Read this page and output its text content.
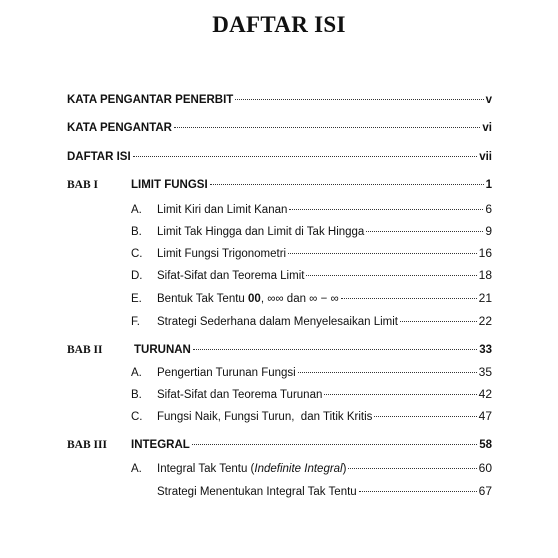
DAFTAR ISI
KATA PENGANTAR PENERBIT	v
KATA PENGANTAR	vi
DAFTAR ISI	vii
BAB I	LIMIT FUNGSI	1
A.	Limit Kiri dan Limit Kanan	6
B.	Limit Tak Hingga dan Limit di Tak Hingga	9
C.	Limit Fungsi Trigonometri	16
D.	Sifat-Sifat dan Teorema Limit	18
E.	Bentuk Tak Tentu 00, ∞∞ dan ∞ − ∞	21
F.	Strategi Sederhana dalam Menyelesaikan Limit	22
BAB II	TURUNAN	33
A.	Pengertian Turunan Fungsi	35
B.	Sifat-Sifat dan Teorema Turunan	42
C.	Fungsi Naik, Fungsi Turun,  dan Titik Kritis	47
BAB III	INTEGRAL	58
A.	Integral Tak Tentu (Indefinite Integral)	60
Strategi Menentukan Integral Tak Tentu	67
